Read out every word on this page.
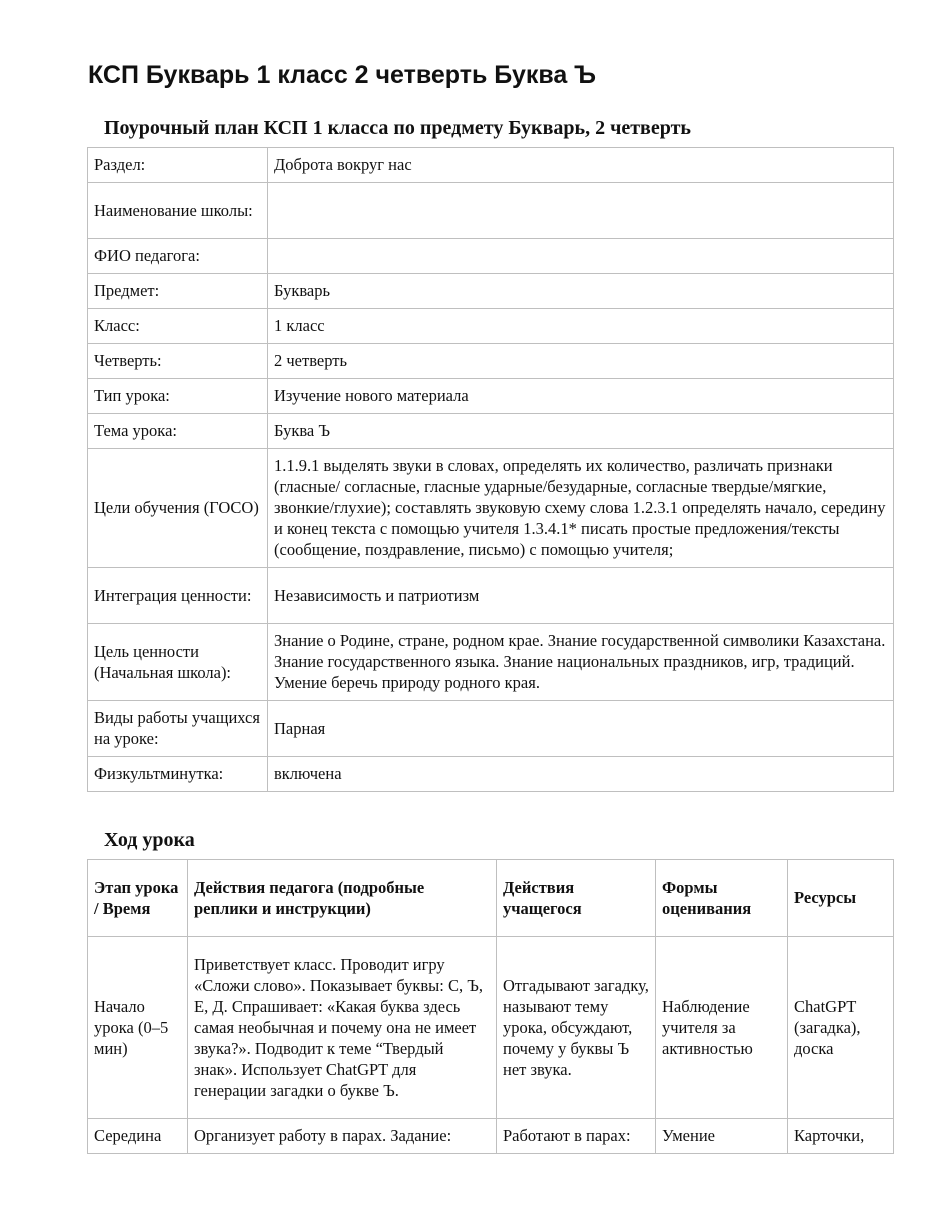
КСП Букварь 1 класс 2 четверть Буква Ъ
Поурочный план КСП 1 класса по предмету Букварь, 2 четверть
Раздел:	Доброта вокруг нас
Наименование школы:	
ФИО педагога:	
Предмет:	Букварь
Класс:	1 класс
Четверть:	2 четверть
Тип урока:	Изучение нового материала
Тема урока:	Буква Ъ
Цели обучения (ГОСО)	1.1.9.1 выделять звуки в словах, определять их количество, различать признаки (гласные/ согласные, гласные ударные/безударные, согласные твердые/мягкие, звонкие/глухие); составлять звуковую схему слова 1.2.3.1 определять начало, середину и конец текста с помощью учителя 1.3.4.1* писать простые предложения/тексты (сообщение, поздравление, письмо) с помощью учителя;
Интеграция ценности:	Независимость и патриотизм
Цель ценности (Начальная школа):	Знание о Родине, стране, родном крае. Знание государственной символики Казахстана. Знание государственного языка. Знание национальных праздников, игр, традиций. Умение беречь природу родного края.
Виды работы учащихся на уроке:	Парная
Физкультминутка:	включена
Ход урока
Этап урока / Время	Действия педагога (подробные реплики и инструкции)	Действия учащегося	Формы оценивания	Ресурсы
Начало урока (0–5 мин)	Приветствует класс. Проводит игру «Сложи слово». Показывает буквы: С, Ъ, Е, Д. Спрашивает: «Какая буква здесь самая необычная и почему она не имеет звука?». Подводит к теме “Твердый знак». Использует ChatGPT для генерации загадки о букве Ъ.	Отгадывают загадку, называют тему урока, обсуждают, почему у буквы Ъ нет звука.	Наблюдение учителя за активностью	ChatGPT (загадка), доска
Середина	Организует работу в парах. Задание:	Работают в парах:	Умение	Карточки,
